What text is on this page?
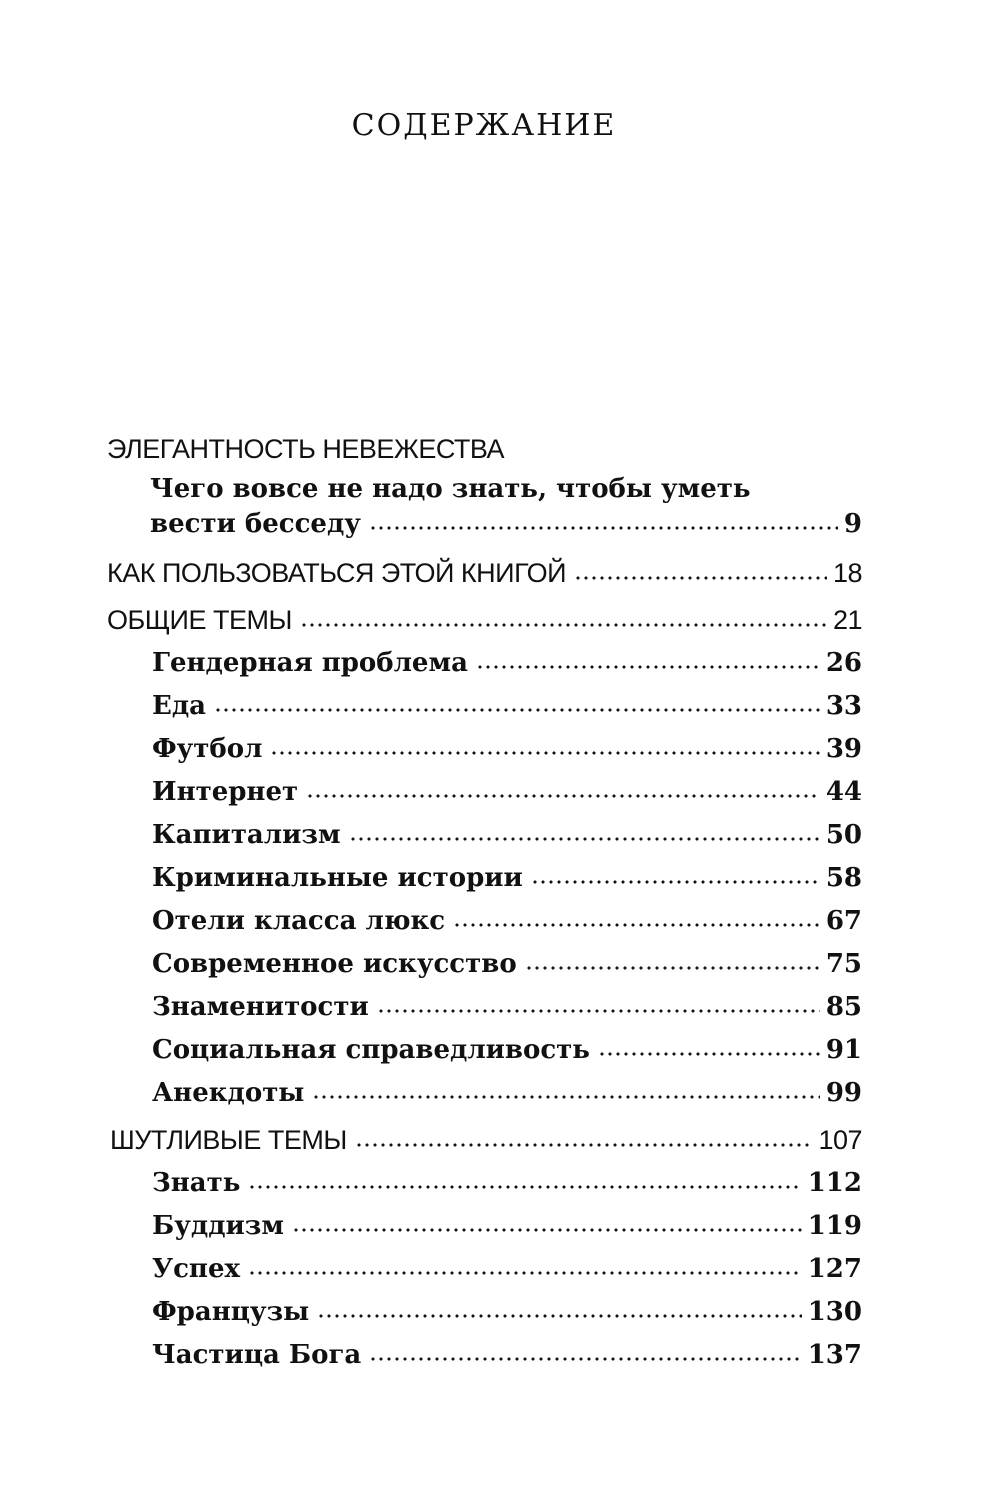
СОДЕРЖАНИЕ
ЭЛЕГАНТНОСТЬ НЕВЕЖЕСТВА
Чего вовсе не надо знать, чтобы уметь
вести бесседу	9
КАК ПОЛЬЗОВАТЬСЯ ЭТОЙ КНИГОЙ	18
ОБЩИЕ ТЕМЫ	21
Гендерная проблема	26
Еда	33
Футбол	39
Интернет	44
Капитализм	50
Криминальные истории	58
Отели класса люкс	67
Современное искусство	75
Знаменитости	85
Социальная справедливость	91
Анекдоты	99
ШУТЛИВЫЕ ТЕМЫ	107
Знать	112
Буддизм	119
Успех	127
Французы	130
Частица Бога	137
